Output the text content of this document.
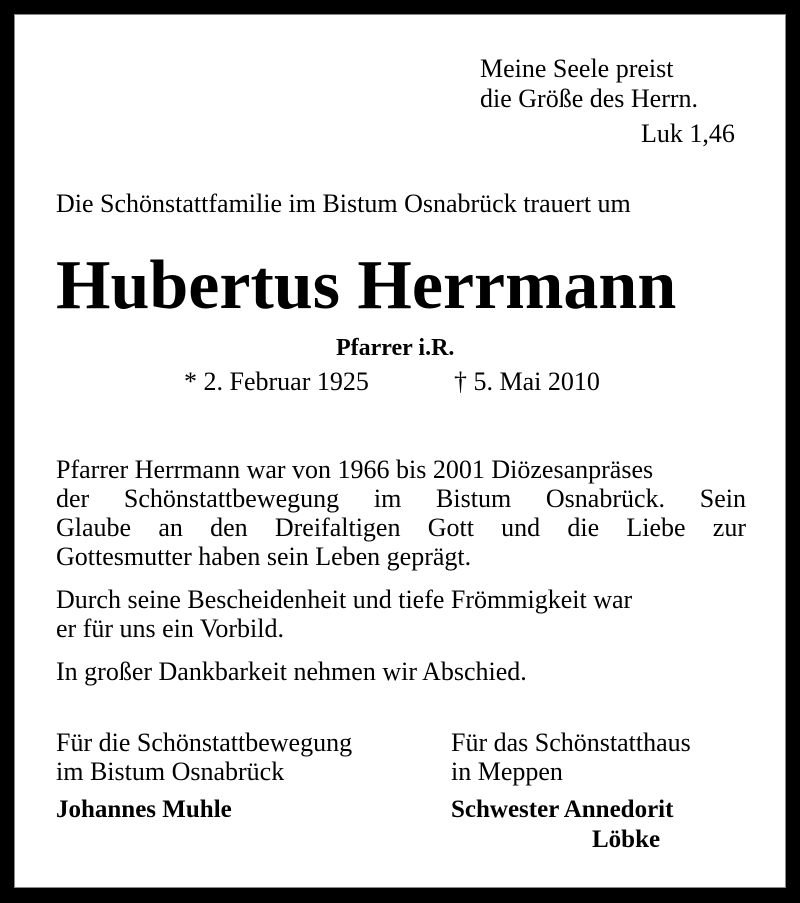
Meine Seele preist
die Größe des Herrn.
Luk 1,46
Die Schönstattfamilie im Bistum Osnabrück trauert um
Hubertus Herrmann
Pfarrer i.R.
* 2. Februar 1925	† 5. Mai 2010
Pfarrer Herrmann war von 1966 bis 2001 Diözesanpräses
der Schönstattbewegung im Bistum Osnabrück. Sein
Glaube an den Dreifaltigen Gott und die Liebe zur
Gottesmutter haben sein Leben geprägt.
Durch seine Bescheidenheit und tiefe Frömmigkeit war
er für uns ein Vorbild.
In großer Dankbarkeit nehmen wir Abschied.
Für die Schönstattbewegung
im Bistum Osnabrück
Johannes Muhle
Für das Schönstatthaus
in Meppen
Schwester Annedorit
Löbke
